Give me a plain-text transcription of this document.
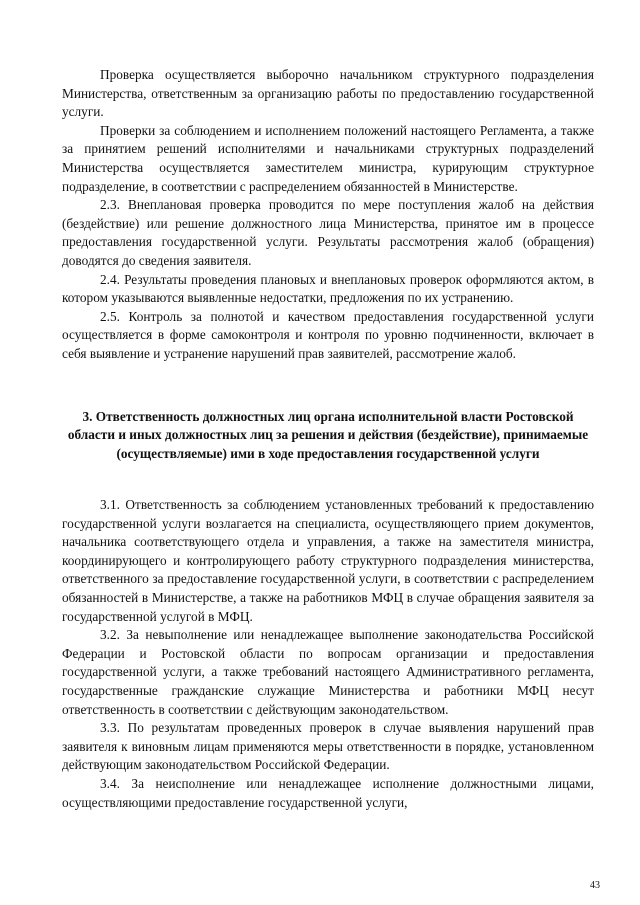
Проверка осуществляется выборочно начальником структурного подразделения Министерства, ответственным за организацию работы по предоставлению государственной услуги.

Проверки за соблюдением и исполнением положений настоящего Регламента, а также за принятием решений исполнителями и начальниками структурных подразделений Министерства осуществляется заместителем министра, курирующим структурное подразделение, в соответствии с распределением обязанностей в Министерстве.

2.3. Внеплановая проверка проводится по мере поступления жалоб на действия (бездействие) или решение должностного лица Министерства, принятое им в процессе предоставления государственной услуги. Результаты рассмотрения жалоб (обращения) доводятся до сведения заявителя.

2.4. Результаты проведения плановых и внеплановых проверок оформляются актом, в котором указываются выявленные недостатки, предложения по их устранению.

2.5. Контроль за полнотой и качеством предоставления государственной услуги осуществляется в форме самоконтроля и контроля по уровню подчиненности, включает в себя выявление и устранение нарушений прав заявителей, рассмотрение жалоб.

3. Ответственность должностных лиц органа исполнительной власти Ростовской области и иных должностных лиц за решения и действия (бездействие), принимаемые (осуществляемые) ими в ходе предоставления государственной услуги

3.1. Ответственность за соблюдением установленных требований к предоставлению государственной услуги возлагается на специалиста, осуществляющего прием документов, начальника соответствующего отдела и управления, а также на заместителя министра, координирующего и контролирующего работу структурного подразделения министерства, ответственного за предоставление государственной услуги, в соответствии с распределением обязанностей в Министерстве, а также на работников МФЦ в случае обращения заявителя за государственной услугой в МФЦ.

3.2. За невыполнение или ненадлежащее выполнение законодательства Российской Федерации и Ростовской области по вопросам организации и предоставления государственной услуги, а также требований настоящего Административного регламента, государственные гражданские служащие Министерства и работники МФЦ несут ответственность в соответствии с действующим законодательством.

3.3. По результатам проведенных проверок в случае выявления нарушений прав заявителя к виновным лицам применяются меры ответственности в порядке, установленном действующим законодательством Российской Федерации.

3.4. За неисполнение или ненадлежащее исполнение должностными лицами, осуществляющими предоставление государственной услуги,

43
